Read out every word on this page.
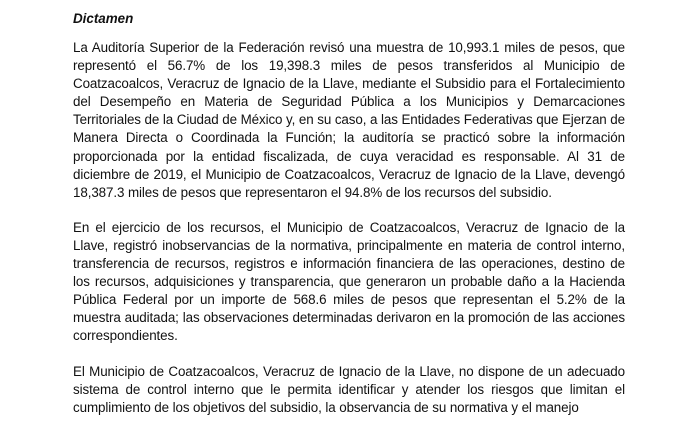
Dictamen

La Auditoría Superior de la Federación revisó una muestra de 10,993.1 miles de pesos, que representó el 56.7% de los 19,398.3 miles de pesos transferidos al Municipio de Coatzacoalcos, Veracruz de Ignacio de la Llave, mediante el Subsidio para el Fortalecimiento del Desempeño en Materia de Seguridad Pública a los Municipios y Demarcaciones Territoriales de la Ciudad de México y, en su caso, a las Entidades Federativas que Ejerzan de Manera Directa o Coordinada la Función; la auditoría se practicó sobre la información proporcionada por la entidad fiscalizada, de cuya veracidad es responsable. Al 31 de diciembre de 2019, el Municipio de Coatzacoalcos, Veracruz de Ignacio de la Llave, devengó 18,387.3 miles de pesos que representaron el 94.8% de los recursos del subsidio.

En el ejercicio de los recursos, el Municipio de Coatzacoalcos, Veracruz de Ignacio de la Llave, registró inobservancias de la normativa, principalmente en materia de control interno, transferencia de recursos, registros e información financiera de las operaciones, destino de los recursos, adquisiciones y transparencia, que generaron un probable daño a la Hacienda Pública Federal por un importe de 568.6 miles de pesos que representan el 5.2% de la muestra auditada; las observaciones determinadas derivaron en la promoción de las acciones correspondientes.

El Municipio de Coatzacoalcos, Veracruz de Ignacio de la Llave, no dispone de un adecuado sistema de control interno que le permita identificar y atender los riesgos que limitan el cumplimiento de los objetivos del subsidio, la observancia de su normativa y el manejo
